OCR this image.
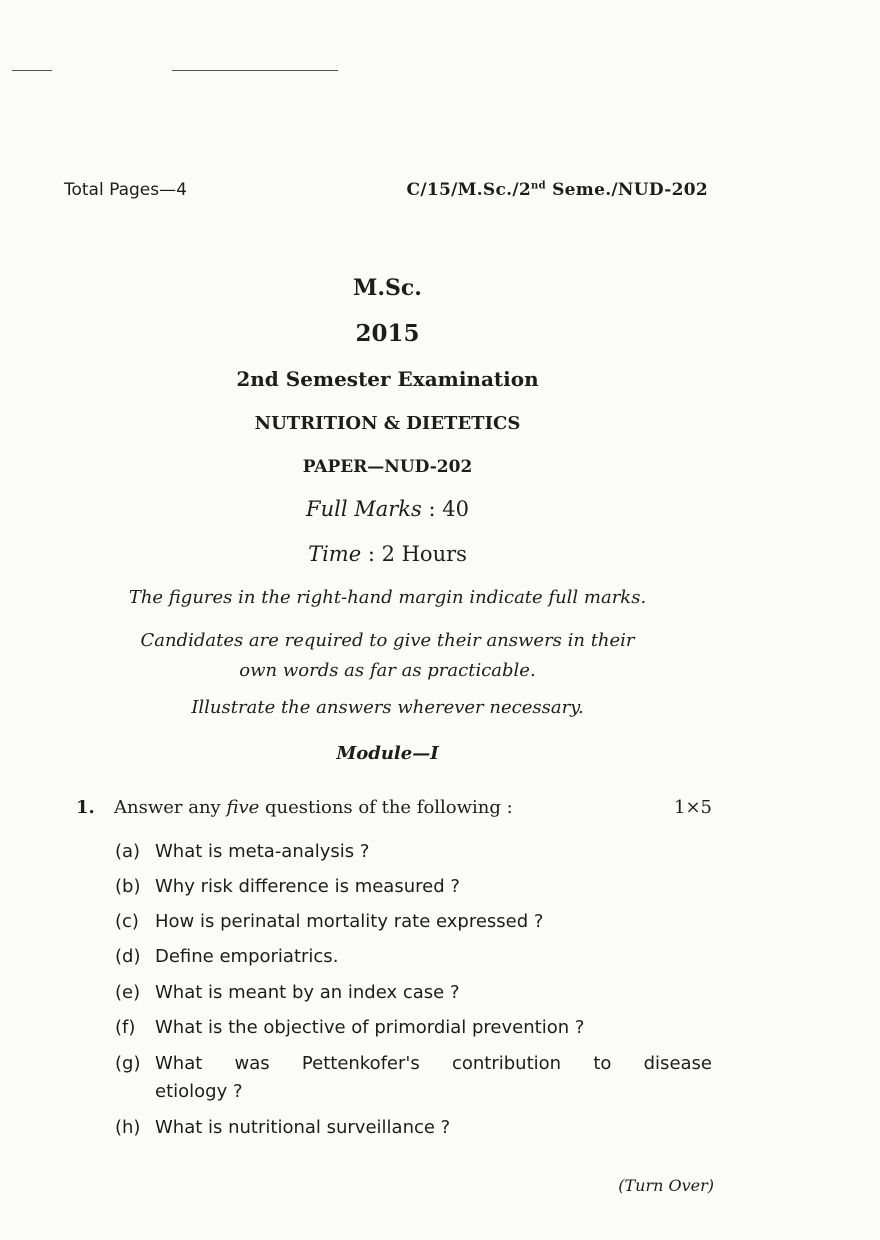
Total Pages—4	C/15/M.Sc./2nd Seme./NUD-202
M.Sc.
2015
2nd Semester Examination
NUTRITION & DIETETICS
PAPER—NUD-202
Full Marks : 40
Time : 2 Hours
The figures in the right-hand margin indicate full marks.
Candidates are required to give their answers in their
own words as far as practicable.
Illustrate the answers wherever necessary.
Module—I
1. Answer any five questions of the following :	1×5
(a) What is meta-analysis ?
(b) Why risk difference is measured ?
(c) How is perinatal mortality rate expressed ?
(d) Define emporiatrics.
(e) What is meant by an index case ?
(f) What is the objective of primordial prevention ?
(g) What was Pettenkofer's contribution to disease
etiology ?
(h) What is nutritional surveillance ?
(Turn Over)
